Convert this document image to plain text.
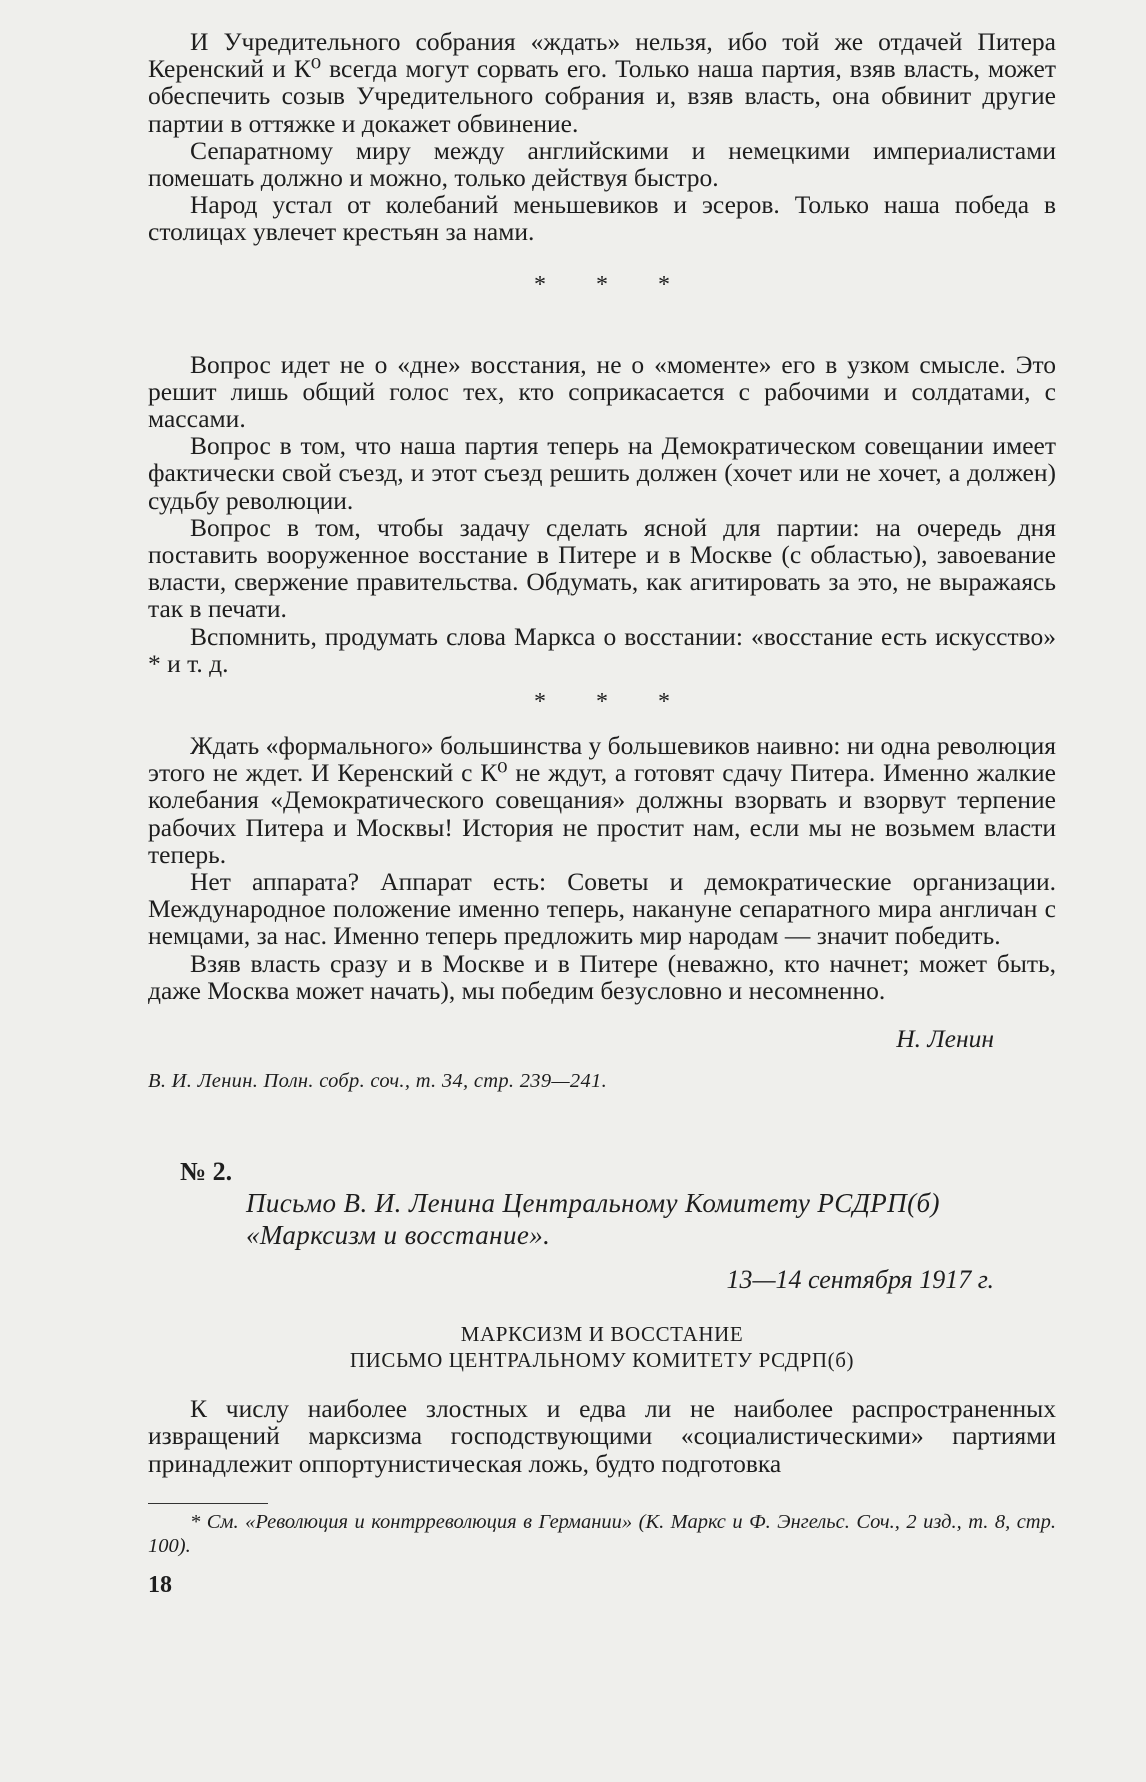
И Учредительного собрания «ждать» нельзя, ибо той же отдачей Питера Керенский и К⁰ всегда могут сорвать его. Только наша партия, взяв власть, может обеспечить созыв Учредительного собрания и, взяв власть, она обвинит другие партии в оттяжке и докажет обвинение.

Сепаратному миру между английскими и немецкими империалистами помешать должно и можно, только действуя быстро.

Народ устал от колебаний меньшевиков и эсеров. Только наша победа в столицах увлечет крестьян за нами.

* * *

Вопрос идет не о «дне» восстания, не о «моменте» его в узком смысле. Это решит лишь общий голос тех, кто соприкасается с рабочими и солдатами, с массами.

Вопрос в том, что наша партия теперь на Демократическом совещании имеет фактически свой съезд, и этот съезд решить должен (хочет или не хочет, а должен) судьбу революции.

Вопрос в том, чтобы задачу сделать ясной для партии: на очередь дня поставить вооруженное восстание в Питере и в Москве (с областью), завоевание власти, свержение правительства. Обдумать, как агитировать за это, не выражаясь так в печати.

Вспомнить, продумать слова Маркса о восстании: «восстание есть искусство» * и т. д.

* * *

Ждать «формального» большинства у большевиков наивно: ни одна революция этого не ждет. И Керенский с К⁰ не ждут, а готовят сдачу Питера. Именно жалкие колебания «Демократического совещания» должны взорвать и взорвут терпение рабочих Питера и Москвы! История не простит нам, если мы не возьмем власти теперь.

Нет аппарата? Аппарат есть: Советы и демократические организации. Международное положение именно теперь, накануне сепаратного мира англичан с немцами, за нас. Именно теперь предложить мир народам — значит победить.

Взяв власть сразу и в Москве и в Питере (неважно, кто начнет; может быть, даже Москва может начать), мы победим безусловно и несомненно.

Н. Ленин

В. И. Ленин. Полн. собр. соч., т. 34, стр. 239—241.

№ 2.

Письмо В. И. Ленина Центральному Комитету РСДРП(б)

«Марксизм и восстание».

13—14 сентября 1917 г.

МАРКСИЗМ И ВОССТАНИЕ

ПИСЬМО ЦЕНТРАЛЬНОМУ КОМИТЕТУ РСДРП(б)

К числу наиболее злостных и едва ли не наиболее распространенных извращений марксизма господствующими «социалистическими» партиями принадлежит оппортунистическая ложь, будто подготовка

* См. «Революция и контрреволюция в Германии» (К. Маркс и Ф. Энгельс. Соч., 2 изд., т. 8, стр. 100).

18
